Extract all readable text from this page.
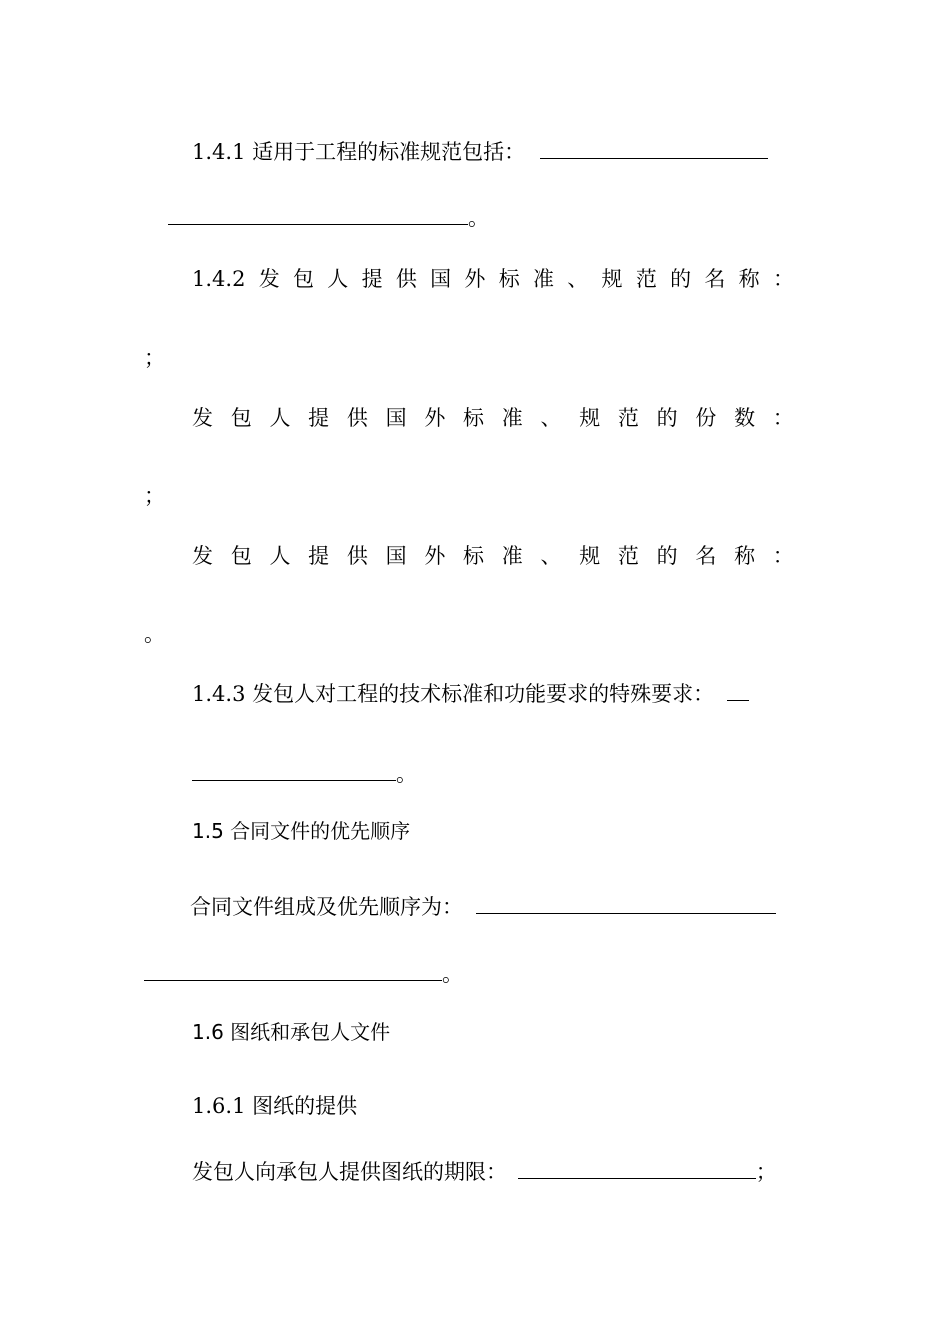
1.4.1 适用于工程的标准规范包括：
。
1.4.2 发 包 人 提 供 国 外 标 准 、 规 范 的 名 称 ：
；
发 包 人 提 供 国 外 标 准 、 规 范 的 份 数 ：
；
发 包 人 提 供 国 外 标 准 、 规 范 的 名 称 ：
。
1.4.3 发包人对工程的技术标准和功能要求的特殊要求：
。
1.5 合同文件的优先顺序
合同文件组成及优先顺序为：
。
1.6 图纸和承包人文件
1.6.1 图纸的提供
发包人向承包人提供图纸的期限：	；
